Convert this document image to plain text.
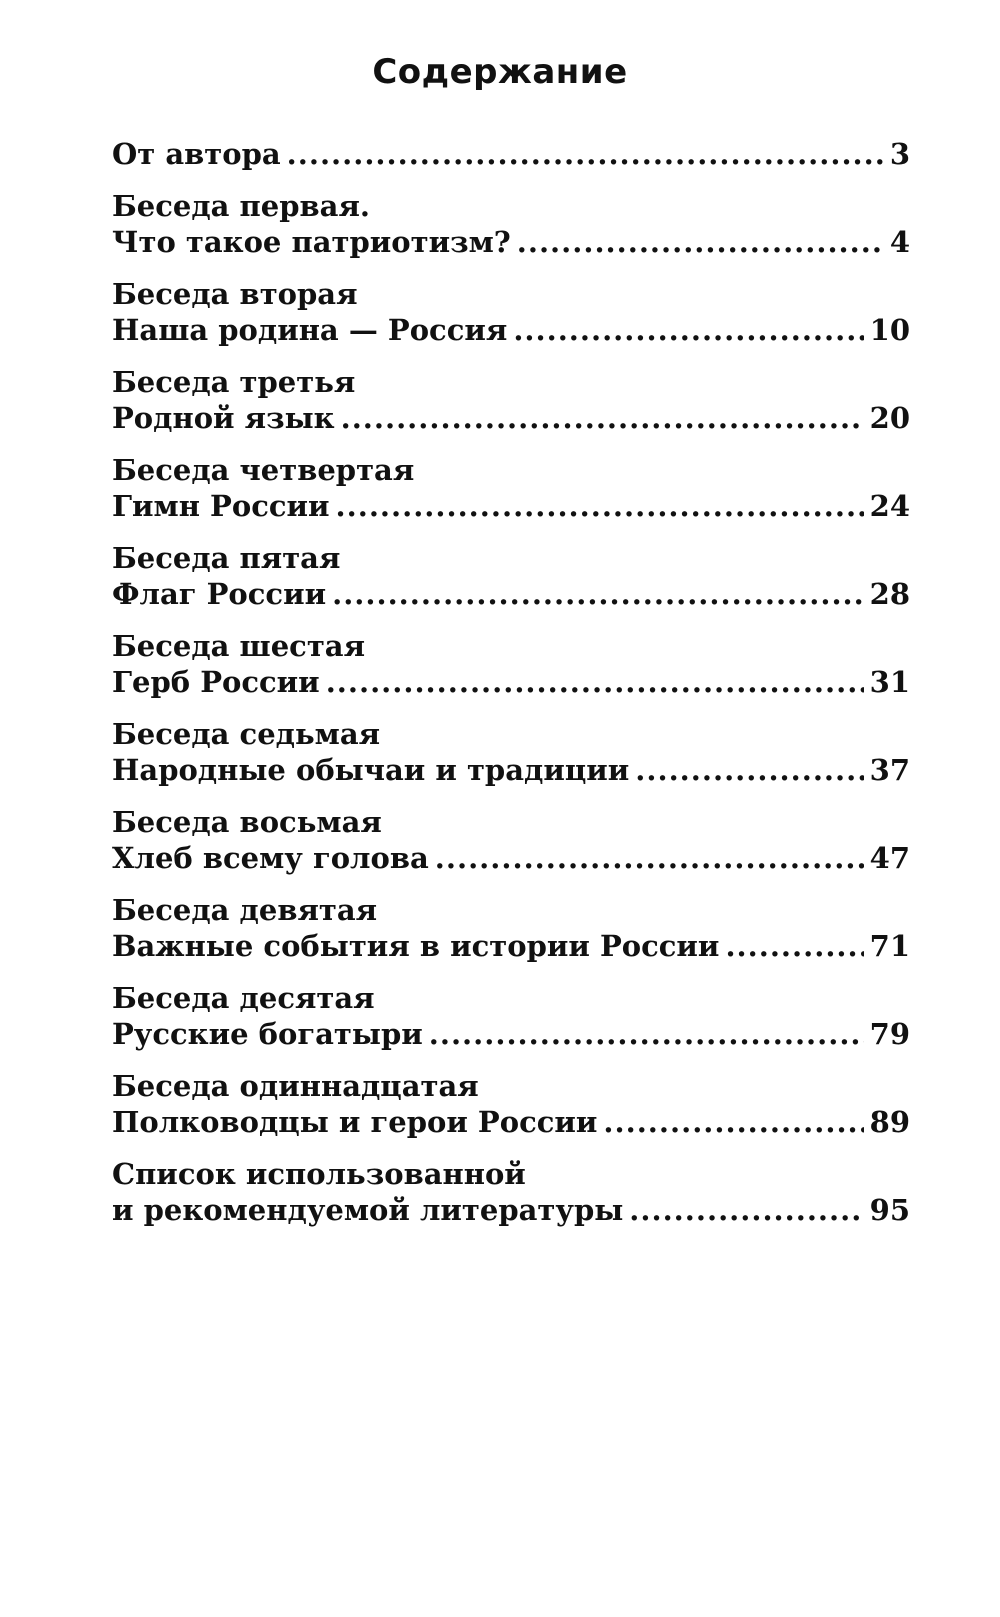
Содержание
От автора .....	3
Беседа первая.
Что такое патриотизм? .....	4
Беседа вторая
Наша родина — Россия .....	10
Беседа третья
Родной язык .....	20
Беседа четвертая
Гимн России .....	24
Беседа пятая
Флаг России .....	28
Беседа шестая
Герб России .....	31
Беседа седьмая
Народные обычаи и традиции .....	37
Беседа восьмая
Хлеб всему голова .....	47
Беседа девятая
Важные события в истории России .....	71
Беседа десятая
Русские богатыри .....	79
Беседа одиннадцатая
Полководцы и герои России .....	89
Список использованной
и рекомендуемой литературы .....	95
